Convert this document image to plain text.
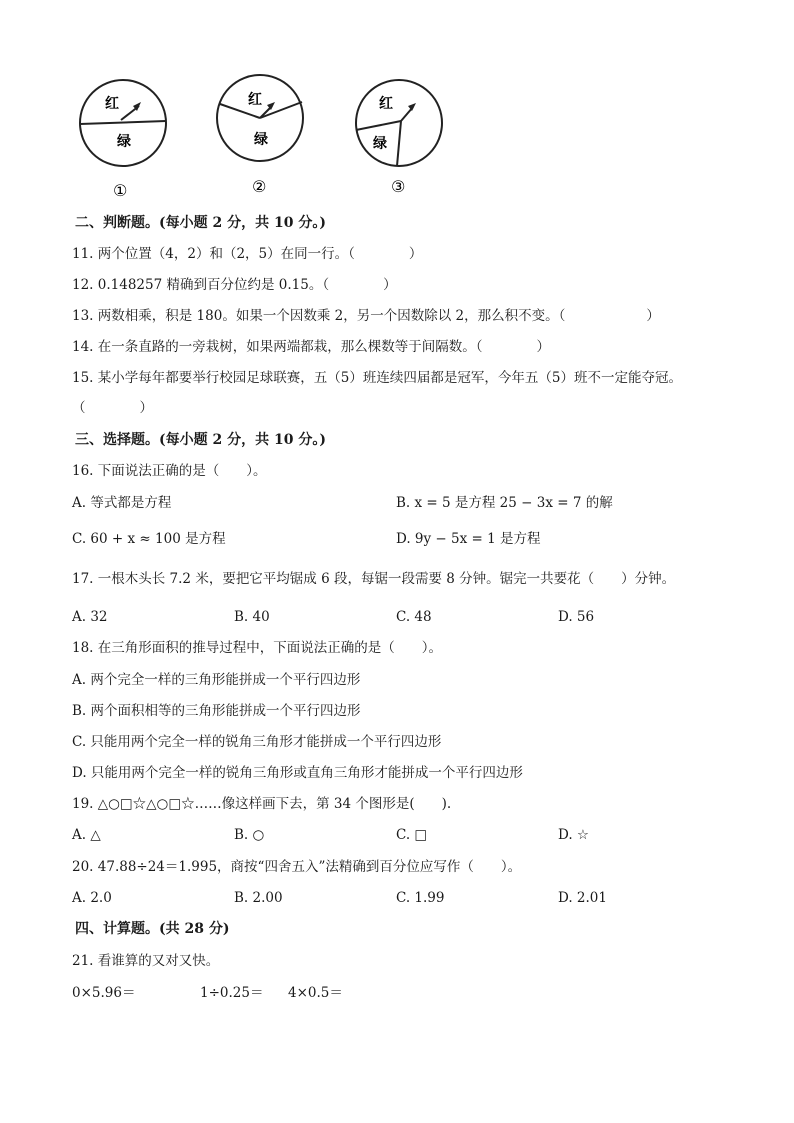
红
绿
①
红
绿
②
红
绿
③
二、判断题。(每小题 2 分，共 10 分。)
11. 两个位置（4，2）和（2，5）在同一行。（　　　　）
12. 0.148257 精确到百分位约是 0.15。（　　　　）
13. 两数相乘，积是 180。如果一个因数乘 2，另一个因数除以 2，那么积不变。（　　　　　　）
14. 在一条直路的一旁栽树，如果两端都栽，那么棵数等于间隔数。（　　　　）
15. 某小学每年都要举行校园足球联赛，五（5）班连续四届都是冠军，今年五（5）班不一定能夺冠。
（　　　　）
三、选择题。(每小题 2 分，共 10 分。)
16. 下面说法正确的是（　　）。
A. 等式都是方程	B. x = 5 是方程 25 − 3x = 7 的解
C. 60 + x ≈ 100 是方程	D. 9y − 5x = 1 是方程
17. 一根木头长 7.2 米，要把它平均锯成 6 段，每锯一段需要 8 分钟。锯完一共要花（　　）分钟。
A. 32	B. 40	C. 48	D. 56
18. 在三角形面积的推导过程中，下面说法正确的是（　　）。
A. 两个完全一样的三角形能拼成一个平行四边形
B. 两个面积相等的三角形能拼成一个平行四边形
C. 只能用两个完全一样的锐角三角形才能拼成一个平行四边形
D. 只能用两个完全一样的锐角三角形或直角三角形才能拼成一个平行四边形
19. △○□☆△○□☆……像这样画下去，第 34 个图形是(　　).
A. △	B. ○	C. □	D. ☆
20. 47.88÷24＝1.995，商按“四舍五入”法精确到百分位应写作（　　）。
A. 2.0	B. 2.00	C. 1.99	D. 2.01
四、计算题。(共 28 分)
21. 看谁算的又对又快。
0×5.96＝	1÷0.25＝ 4×0.5＝
